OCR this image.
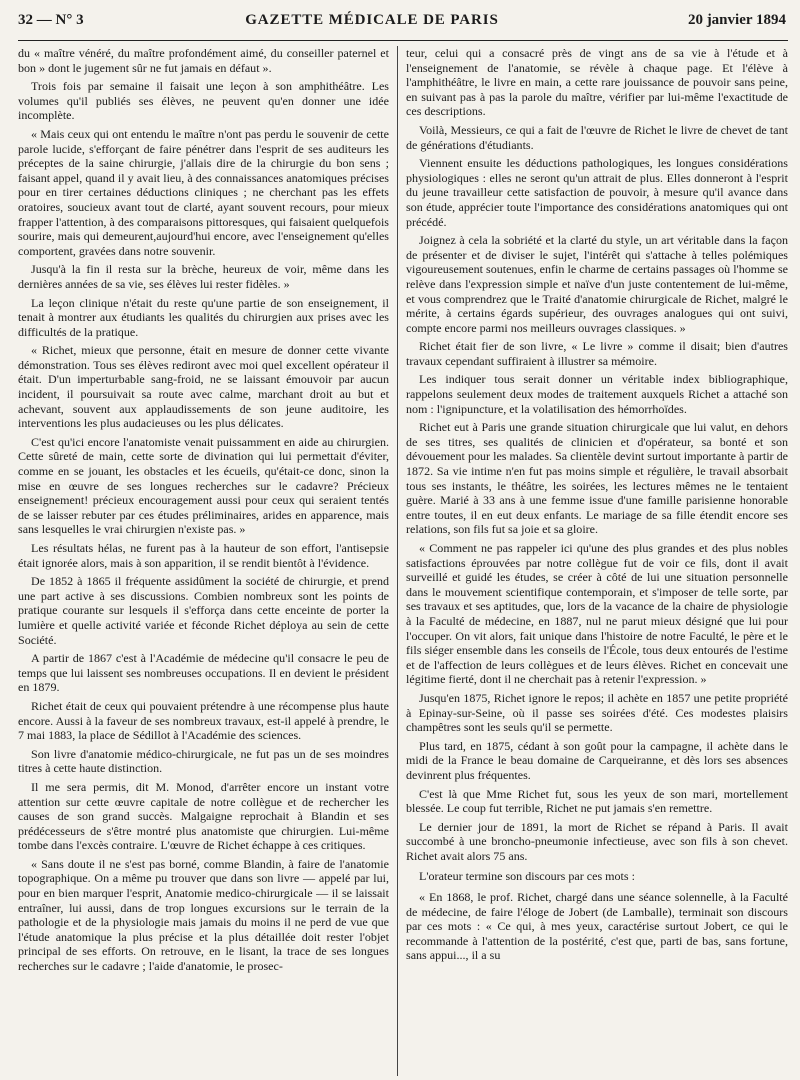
32 — N° 3	GAZETTE MÉDICALE DE PARIS	20 janvier 1894

du « maître vénéré, du maître profondément aimé, du conseiller paternel et bon » dont le jugement sûr ne fut jamais en défaut ».

Trois fois par semaine il faisait une leçon à son amphithéâtre. Les volumes qu'il publiés ses élèves, ne peuvent qu'en donner une idée incomplète.

« Mais ceux qui ont entendu le maître n'ont pas perdu le souvenir de cette parole lucide, s'efforçant de faire pénétrer dans l'esprit de ses auditeurs les préceptes de la saine chirurgie, j'allais dire de la chirurgie du bon sens ; faisant appel, quand il y avait lieu, à des connaissances anatomiques précises pour en tirer certaines déductions cliniques ; ne cherchant pas les effets oratoires, soucieux avant tout de clarté, ayant souvent recours, pour mieux frapper l'attention, à des comparaisons pittoresques, qui faisaient quelquefois sourire, mais qui demeurent,aujourd'hui encore, avec l'enseignement qu'elles comportent, gravées dans notre souvenir.

Jusqu'à la fin il resta sur la brèche, heureux de voir, même dans les dernières années de sa vie, ses élèves lui rester fidèles. »

La leçon clinique n'était du reste qu'une partie de son enseignement, il tenait à montrer aux étudiants les qualités du chirurgien aux prises avec les difficultés de la pratique.

« Richet, mieux que personne, était en mesure de donner cette vivante démonstration. Tous ses élèves rediront avec moi quel excellent opérateur il était. D'un imperturbable sang-froid, ne se laissant émouvoir par aucun incident, il poursuivait sa route avec calme, marchant droit au but et achevant, souvent aux applaudissements de son jeune auditoire, les interventions les plus audacieuses ou les plus délicates.

C'est qu'ici encore l'anatomiste venait puissamment en aide au chirurgien. Cette sûreté de main, cette sorte de divination qui lui permettait d'éviter, comme en se jouant, les obstacles et les écueils, qu'était-ce donc, sinon la mise en œuvre de ses longues recherches sur le cadavre? Précieux enseignement! précieux encouragement aussi pour ceux qui seraient tentés de se laisser rebuter par ces études préliminaires, arides en apparence, mais sans lesquelles le vrai chirurgien n'existe pas. »

Les résultats hélas, ne furent pas à la hauteur de son effort, l'antisepsie était ignorée alors, mais à son apparition, il se rendit bientôt à l'évidence.

De 1852 à 1865 il fréquente assidûment la société de chirurgie, et prend une part active à ses discussions. Combien nombreux sont les points de pratique courante sur lesquels il s'efforça dans cette enceinte de porter la lumière et quelle activité variée et féconde Richet déploya au sein de cette Société.

A partir de 1867 c'est à l'Académie de médecine qu'il consacre le peu de temps que lui laissent ses nombreuses occupations. Il en devient le président en 1879.

Richet était de ceux qui pouvaient prétendre à une récompense plus haute encore. Aussi à la faveur de ses nombreux travaux, est-il appelé à prendre, le 7 mai 1883, la place de Sédillot à l'Académie des sciences.

Son livre d'anatomie médico-chirurgicale, ne fut pas un de ses moindres titres à cette haute distinction.

Il me sera permis, dit M. Monod, d'arrêter encore un instant votre attention sur cette œuvre capitale de notre collègue et de rechercher les causes de son grand succès. Malgaigne reprochait à Blandin et ses prédécesseurs de s'être montré plus anatomiste que chirurgien. Lui-même tombe dans l'excès contraire. L'œuvre de Richet échappe à ces critiques.

« Sans doute il ne s'est pas borné, comme Blandin, à faire de l'anatomie topographique. On a même pu trouver que dans son livre — appelé par lui, pour en bien marquer l'esprit, Anatomie medico-chirurgicale — il se laissait entraîner, lui aussi, dans de trop longues excursions sur le terrain de la pathologie et de la physiologie mais jamais du moins il ne perd de vue que l'étude anatomique la plus précise et la plus détaillée doit rester l'objet principal de ses efforts. On retrouve, en le lisant, la trace de ses longues recherches sur le cadavre ; l'aide d'anatomie, le prosec-

teur, celui qui a consacré près de vingt ans de sa vie à l'étude et à l'enseignement de l'anatomie, se révèle à chaque page. Et l'élève à l'amphithéâtre, le livre en main, a cette rare jouissance de pouvoir sans peine, en suivant pas à pas la parole du maître, vérifier par lui-même l'exactitude de ces descriptions.

Voilà, Messieurs, ce qui a fait de l'œuvre de Richet le livre de chevet de tant de générations d'étudiants.

Viennent ensuite les déductions pathologiques, les longues considérations physiologiques : elles ne seront qu'un attrait de plus. Elles donneront à l'esprit du jeune travailleur cette satisfaction de pouvoir, à mesure qu'il avance dans son étude, apprécier toute l'importance des considérations anatomiques qui ont précédé.

Joignez à cela la sobriété et la clarté du style, un art véritable dans la façon de présenter et de diviser le sujet, l'intérêt qui s'attache à telles polémiques vigoureusement soutenues, enfin le charme de certains passages où l'homme se relève dans l'expression simple et naïve d'un juste contentement de lui-même, et vous comprendrez que le Traité d'anatomie chirurgicale de Richet, malgré le mérite, à certains égards supérieur, des ouvrages analogues qui ont suivi, compte encore parmi nos meilleurs ouvrages classiques. »

Richet était fier de son livre, « Le livre » comme il disait; bien d'autres travaux cependant suffiraient à illustrer sa mémoire.

Les indiquer tous serait donner un véritable index bibliographique, rappelons seulement deux modes de traitement auxquels Richet a attaché son nom : l'ignipuncture, et la volatilisation des hémorrhoïdes.

Richet eut à Paris une grande situation chirurgicale que lui valut, en dehors de ses titres, ses qualités de clinicien et d'opérateur, sa bonté et son dévouement pour les malades. Sa clientèle devint surtout importante à partir de 1872. Sa vie intime n'en fut pas moins simple et régulière, le travail absorbait tous ses instants, le théâtre, les soirées, les lectures mêmes ne le tentaient guère. Marié à 33 ans à une femme issue d'une famille parisienne honorable entre toutes, il en eut deux enfants. Le mariage de sa fille étendit encore ses relations, son fils fut sa joie et sa gloire.

« Comment ne pas rappeler ici qu'une des plus grandes et des plus nobles satisfactions éprouvées par notre collègue fut de voir ce fils, dont il avait surveillé et guidé les études, se créer à côté de lui une situation personnelle dans le mouvement scientifique contemporain, et s'imposer de telle sorte, par ses travaux et ses aptitudes, que, lors de la vacance de la chaire de physiologie à la Faculté de médecine, en 1887, nul ne parut mieux désigné que lui pour l'occuper. On vit alors, fait unique dans l'histoire de notre Faculté, le père et le fils siéger ensemble dans les conseils de l'École, tous deux entourés de l'estime et de l'affection de leurs collègues et de leurs élèves. Richet en concevait une légitime fierté, dont il ne cherchait pas à retenir l'expression. »

Jusqu'en 1875, Richet ignore le repos; il achète en 1857 une petite propriété à Epinay-sur-Seine, où il passe ses soirées d'été. Ces modestes plaisirs champêtres sont les seuls qu'il se permette.

Plus tard, en 1875, cédant à son goût pour la campagne, il achète dans le midi de la France le beau domaine de Carqueiranne, et dès lors ses absences devinrent plus fréquentes.

C'est là que Mme Richet fut, sous les yeux de son mari, mortellement blessée. Le coup fut terrible, Richet ne put jamais s'en remettre.

Le dernier jour de 1891, la mort de Richet se répand à Paris. Il avait succombé à une broncho-pneumonie infectieuse, avec son fils à son chevet. Richet avait alors 75 ans.

L'orateur termine son discours par ces mots :

« En 1868, le prof. Richet, chargé dans une séance solennelle, à la Faculté de médecine, de faire l'éloge de Jobert (de Lamballe), terminait son discours par ces mots : « Ce qui, à mes yeux, caractérise surtout Jobert, ce qui le recommande à l'attention de la postérité, c'est que, parti de bas, sans fortune, sans appui..., il a su
